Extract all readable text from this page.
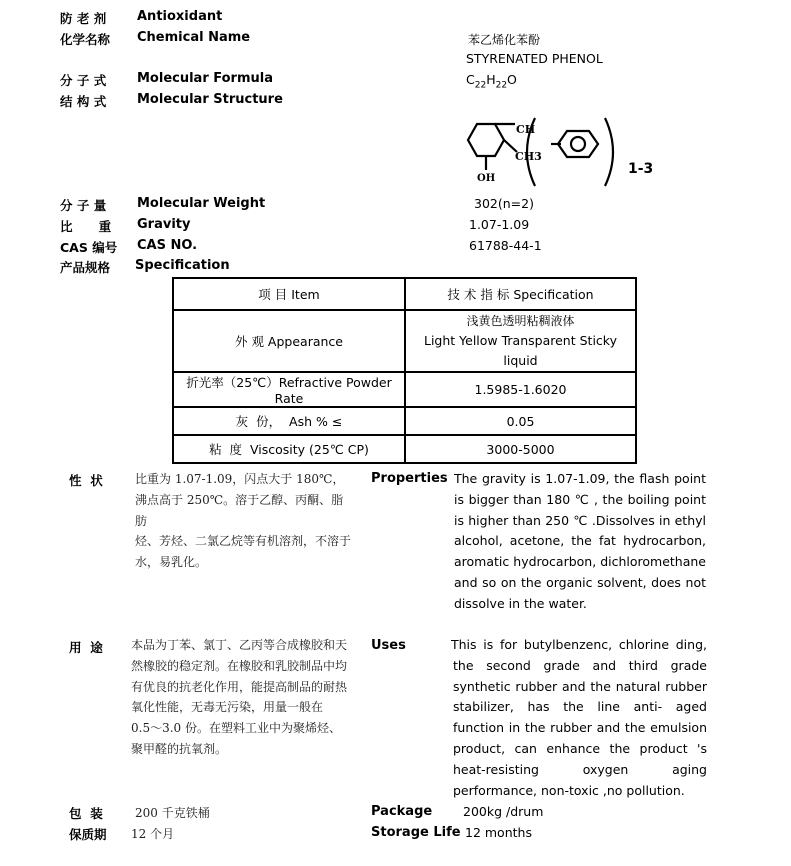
防 老 剂 Antioxidant
化学名称 Chemical Name	苯乙烯化苯酚
STYRENATED PHENOL
分 子 式 Molecular Formula	$C_{22}H_{22}O$
结 构 式 Molecular Structure
CH
CH3
OH
1-3
分 子 量 Molecular Weight	302(n=2)
比      重 Gravity	1.07-1.09
CAS 编号 CAS NO.	61788-44-1
产品规格 Specification
项 目 Item	技 术 指 标 Specification
外 观 Appearance	浅黄色透明粘稠液体
Light Yellow Transparent Sticky liquid

折光率（25℃）Refractive Powder Rate	1.5985-1.6020
灰  份，  Ash % ≤	0.05
粘  度  Viscosity (25℃ CP)	3000-5000
性  状	比重为 1.07-1.09，闪点大于 180℃，
沸点高于 250℃。溶于乙醇、丙酮、脂肪
烃、芳烃、二氯乙烷等有机溶剂，不溶于
水，易乳化。
Properties The gravity is 1.07-1.09, the flash point is bigger than 180 ℃ , the boiling point is higher than 250 ℃ .Dissolves in ethyl alcohol, acetone, the fat hydrocarbon, aromatic hydrocarbon, dichloromethane and so on the organic solvent, does not dissolve in the water.
用  途 本品为丁苯、氯丁、乙丙等合成橡胶和天
然橡胶的稳定剂。在橡胶和乳胶制品中均
有优良的抗老化作用，能提高制品的耐热
氧化性能，无毒无污染，用量一般在
0.5～3.0 份。在塑料工业中为聚烯烃、
聚甲醛的抗氧剂。
Uses	This is for butylbenzenc, chlorine ding, the second grade and third grade synthetic rubber and the natural rubber stabilizer, has the line anti- aged function in the rubber and the emulsion product, can enhance the product 's heat-resisting oxygen aging performance, non-toxic ,no pollution.
包  装	200 千克铁桶	Package 200kg /drum
保质期 12 个月	Storage Life 12 months
